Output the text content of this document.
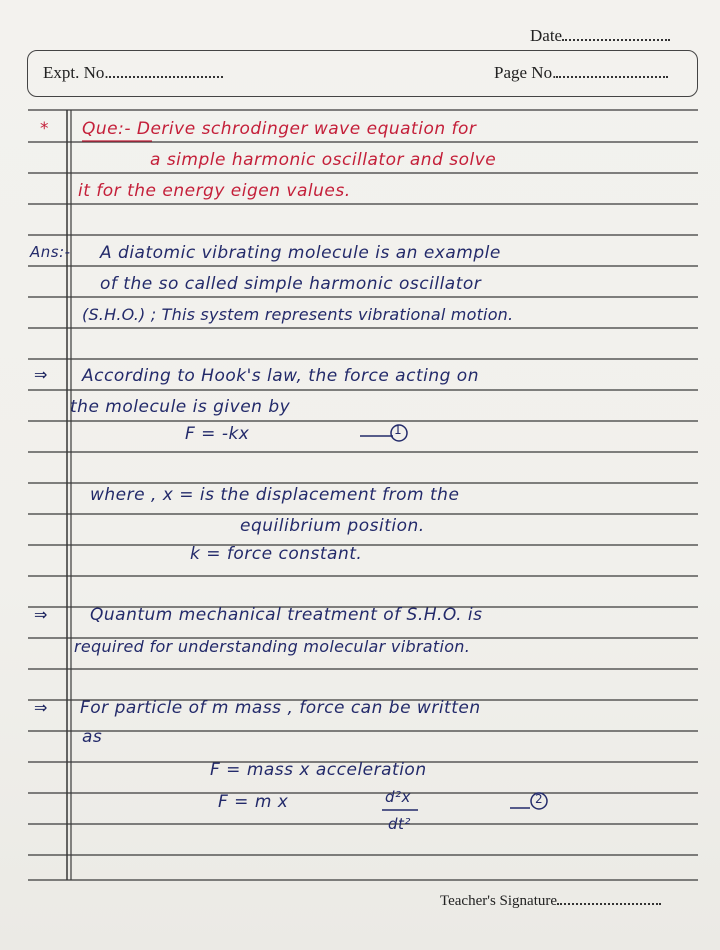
Date
Expt. No.	Page No.
* Que:- Derive schrodinger wave equation for
a simple harmonic oscillator and solve
it for the energy eigen values.
Ans:- A diatomic vibrating molecule is an example
of the so called simple harmonic oscillator
(S.H.O.) ; This system represents vibrational motion.
⇒ According to Hook's law, the force acting on
the molecule is given by
F = -kx	1
where , x = is the displacement from the
equilibrium position.
k = force constant.
⇒	Quantum mechanical treatment of S.H.O. is
required for understanding molecular vibration.
⇒ For particle of m mass , force can be written
as
F = mass x acceleration
F = m x	d²x
dt²
2
Teacher's Signature
